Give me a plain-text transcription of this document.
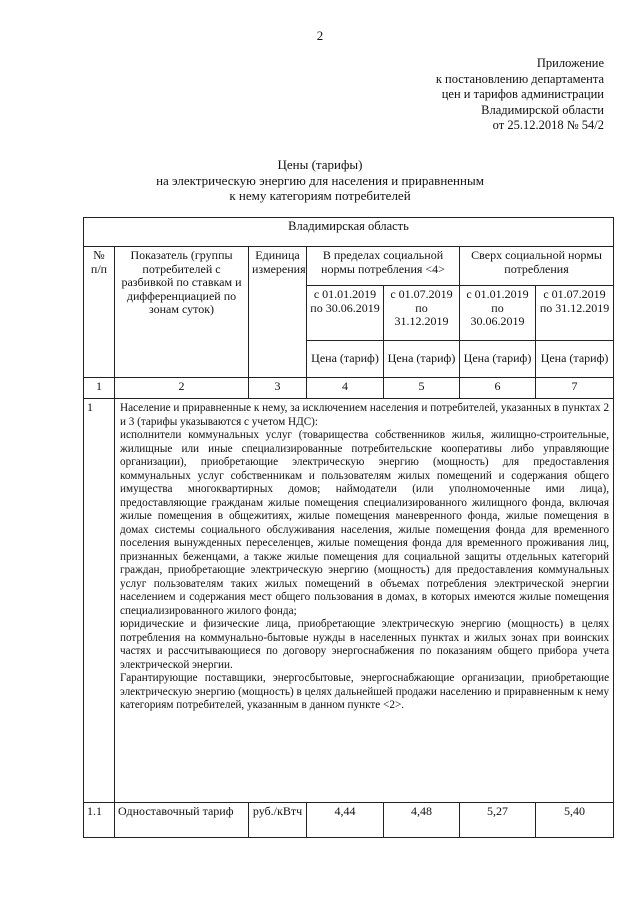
2
Приложение
к постановлению департамента
цен и тарифов администрации
Владимирской области
от 25.12.2018 № 54/2
Цены (тарифы)
на электрическую энергию для населения и приравненным
к нему категориям потребителей
Владимирская область						
№ п/п	Показатель (группы потребителей с разбивкой по ставкам и дифференциацией по зонам суток)	Единица измерения	В пределах социальной нормы потребления <4>		Сверх социальной нормы потребления	
			с 01.01.2019 по 30.06.2019	с 01.07.2019 по 31.12.2019	с 01.01.2019 по 30.06.2019	с 01.07.2019 по 31.12.2019
			Цена (тариф)	Цена (тариф)	Цена (тариф)	Цена (тариф)
1	2	3	4	5	6	7
1	Население и приравненные к нему, за исключением населения и потребителей, указанных в пунктах 2 и 3 (тарифы указываются с учетом НДС):

исполнители коммунальных услуг (товарищества собственников жилья, жилищно-строительные, жилищные или иные специализированные потребительские кооперативы либо управляющие организации), приобретающие электрическую энергию (мощность) для предоставления коммунальных услуг собственникам и пользователям жилых помещений и содержания общего имущества многоквартирных домов; наймодатели (или уполномоченные ими лица), предоставляющие гражданам жилые помещения специализированного жилищного фонда, включая жилые помещения в общежитиях, жилые помещения маневренного фонда, жилые помещения в домах системы социального обслуживания населения, жилые помещения фонда для временного поселения вынужденных переселенцев, жилые помещения фонда для временного проживания лиц, признанных беженцами, а также жилые помещения для социальной защиты отдельных категорий граждан, приобретающие электрическую энергию (мощность) для предоставления коммунальных услуг пользователям таких жилых помещений в объемах потребления электрической энергии населением и содержания мест общего пользования в домах, в которых имеются жилые помещения специализированного жилого фонда;

юридические и физические лица, приобретающие электрическую энергию (мощность) в целях потребления на коммунально-бытовые нужды в населенных пунктах и жилых зонах при воинских частях и рассчитывающиеся по договору энергоснабжения по показаниям общего прибора учета электрической энергии.

Гарантирующие поставщики, энергосбытовые, энергоснабжающие организации, приобретающие электрическую энергию (мощность) в целях дальнейшей продажи населению и приравненным к нему категориям потребителей, указанным в данном пункте <2>.					

1.1	Одноставочный тариф	руб./кВтч	4,44	4,48	5,27	5,40
